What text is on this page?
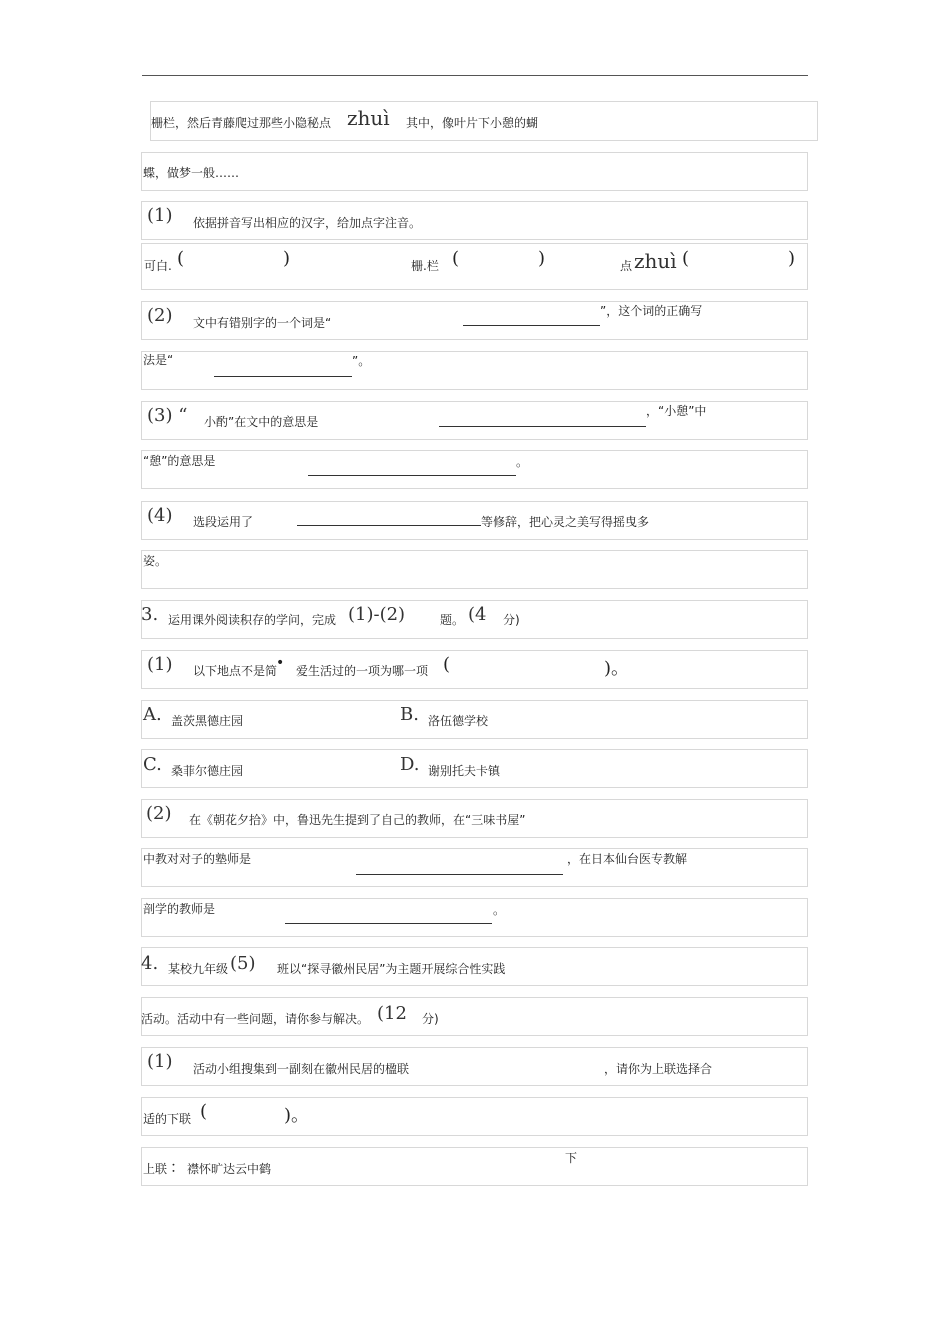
栅栏，然后青藤爬过那些小隐秘点 zhuì 其中，像叶片下小憩的蝴
蝶，做梦一般……
(1) 依据拼音写出相应的汉字，给加点字注音。
可白. (	)	栅.栏 (	)	点 zhuì (	)
(2) 文中有错别字的一个词是“
”，这个词的正确写
法是“	”。
(3) “ 小酌”在文中的意思是
，“小憩”中
“憩”的意思是	。
(4) 选段运用了	等修辞，把心灵之美写得摇曳多
姿。
3. 运用课外阅读积存的学问，完成 (1)-(2)	题。 (4 分)
(1) 以下地点不是简
• 爱生活过的一项为哪一项 (	)。
A. 盖茨黑德庄园	B. 洛伍德学校
C. 桑菲尔德庄园	D. 谢别托夫卡镇
(2) 在《朝花夕拾》中，鲁迅先生提到了自己的教师，在“三味书屋”
中教对对子的塾师是	，在日本仙台医专教解
剖学的教师是	。
4. 某校九年级 (5) 班以“探寻徽州民居”为主题开展综合性实践
活动。活动中有一些问题，请你参与解决。 (12 分)
(1) 活动小组搜集到一副刻在徽州民居的楹联	，请你为上联选择合
适的下联 (	)。
上联 ： 襟怀旷达云中鹤
下
